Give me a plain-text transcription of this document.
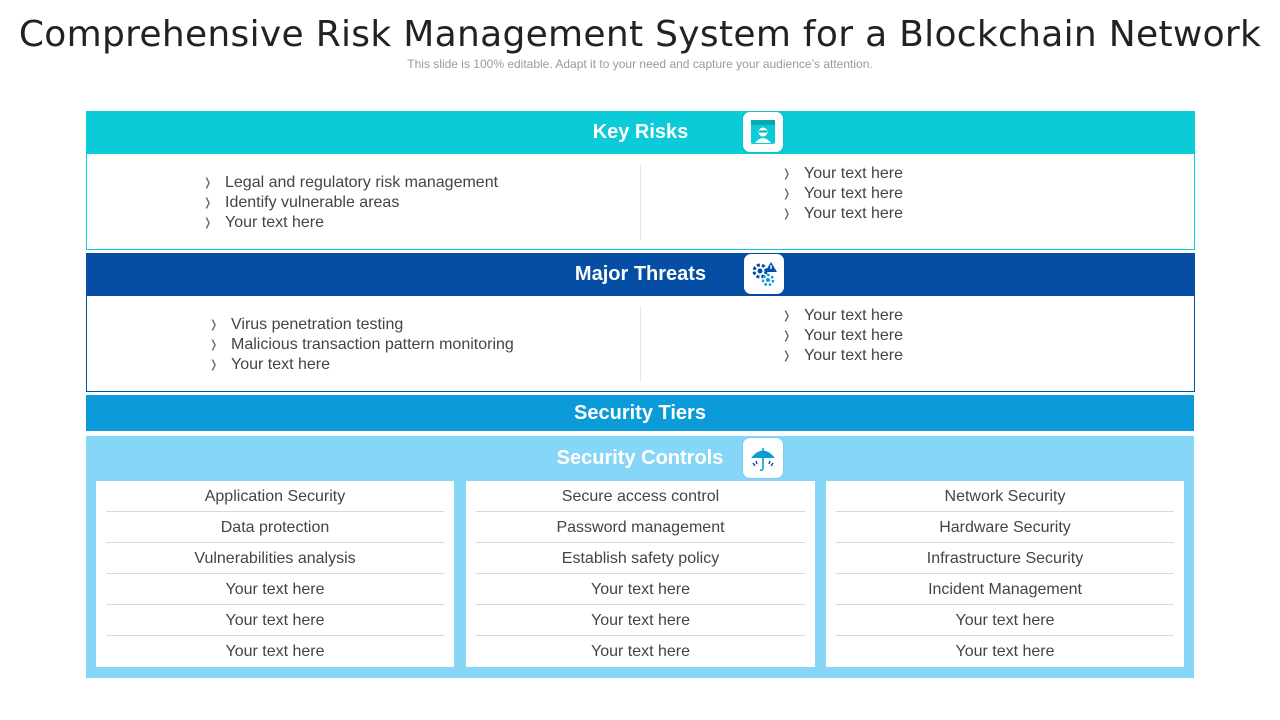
Comprehensive Risk Management System for a Blockchain Network
This slide is 100% editable. Adapt it to your need and capture your audience’s attention.
Key Risks
❭ Legal and regulatory risk management
❭ Identify vulnerable areas
❭ Your text here
❭ Your text here
❭ Your text here
❭ Your text here
Major Threats
❭ Virus penetration testing
❭ Malicious transaction pattern monitoring
❭ Your text here
❭ Your text here
❭ Your text here
❭ Your text here
Security Tiers
Security Controls
Application Security
Data protection
Vulnerabilities analysis
Your text here
Your text here
Your text here
Secure access control
Password management
Establish safety policy
Your text here
Your text here
Your text here
Network Security
Hardware Security
Infrastructure Security
Incident Management
Your text here
Your text here
